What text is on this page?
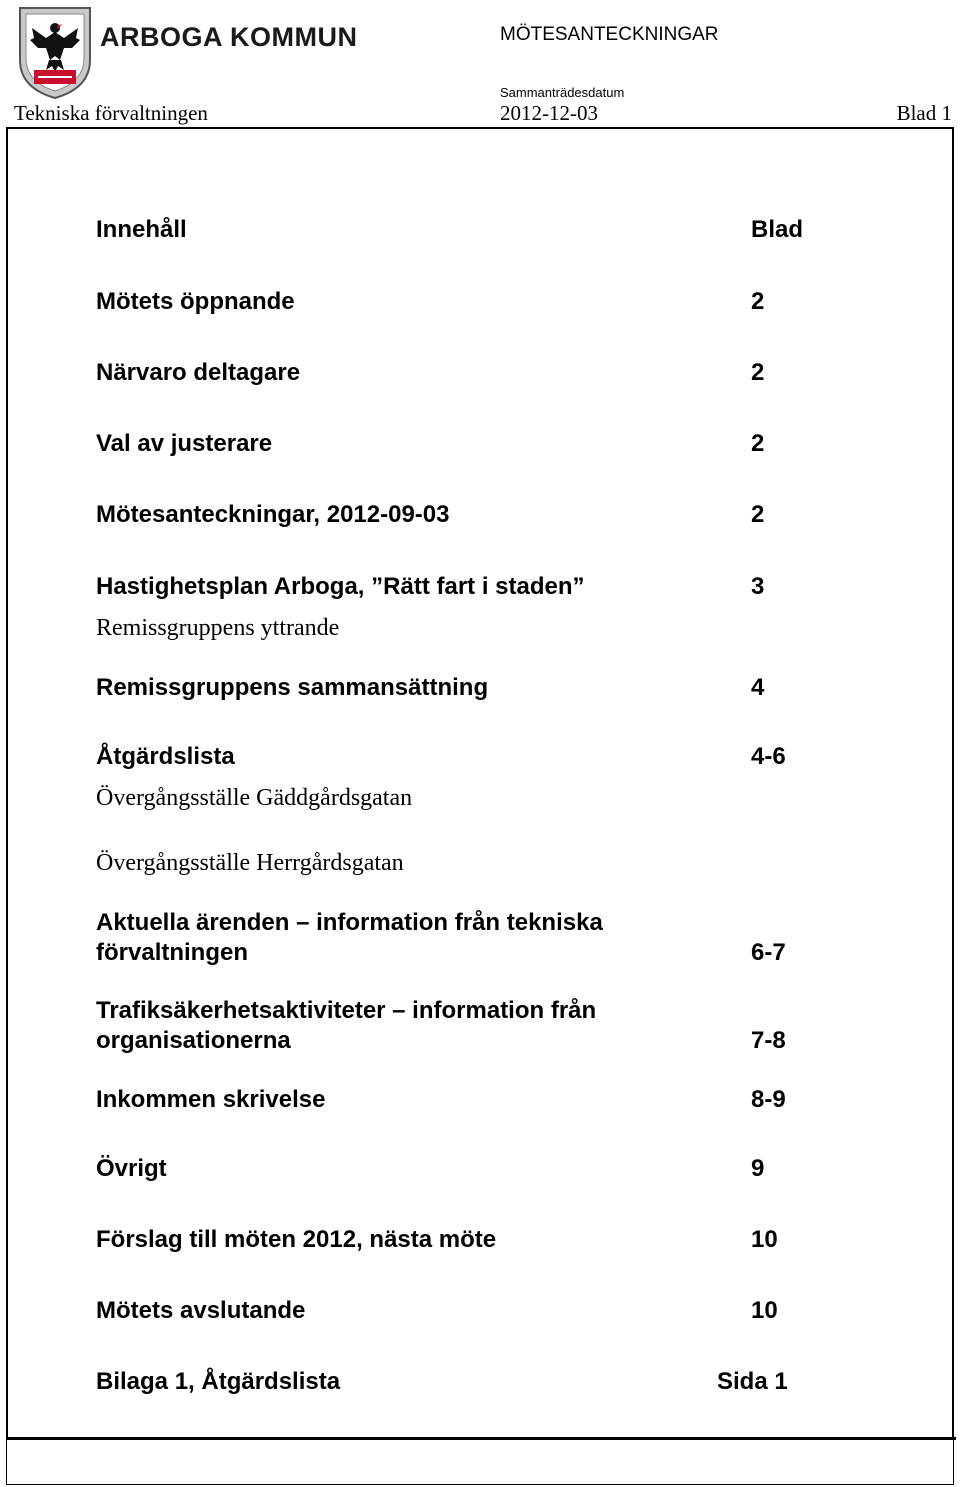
ARBOGA KOMMUN	MÖTESANTECKNINGAR
Sammanträdesdatum
Tekniska förvaltningen	2012-12-03	Blad 1
Innehåll	Blad
Mötets öppnande	2
Närvaro deltagare	2
Val av justerare	2
Mötesanteckningar, 2012-09-03	2
Hastighetsplan Arboga, ”Rätt fart i staden”	3
Remissgruppens yttrande
Remissgruppens sammansättning	4
Åtgärdslista	4-6
Övergångsställe Gäddgårdsgatan
Övergångsställe Herrgårdsgatan
Aktuella ärenden – information från tekniska
förvaltningen	6-7
Trafiksäkerhetsaktiviteter – information från
organisationerna	7-8
Inkommen skrivelse	8-9
Övrigt	9
Förslag till möten 2012, nästa möte	10
Mötets avslutande	10
Bilaga 1, Åtgärdslista	Sida 1
